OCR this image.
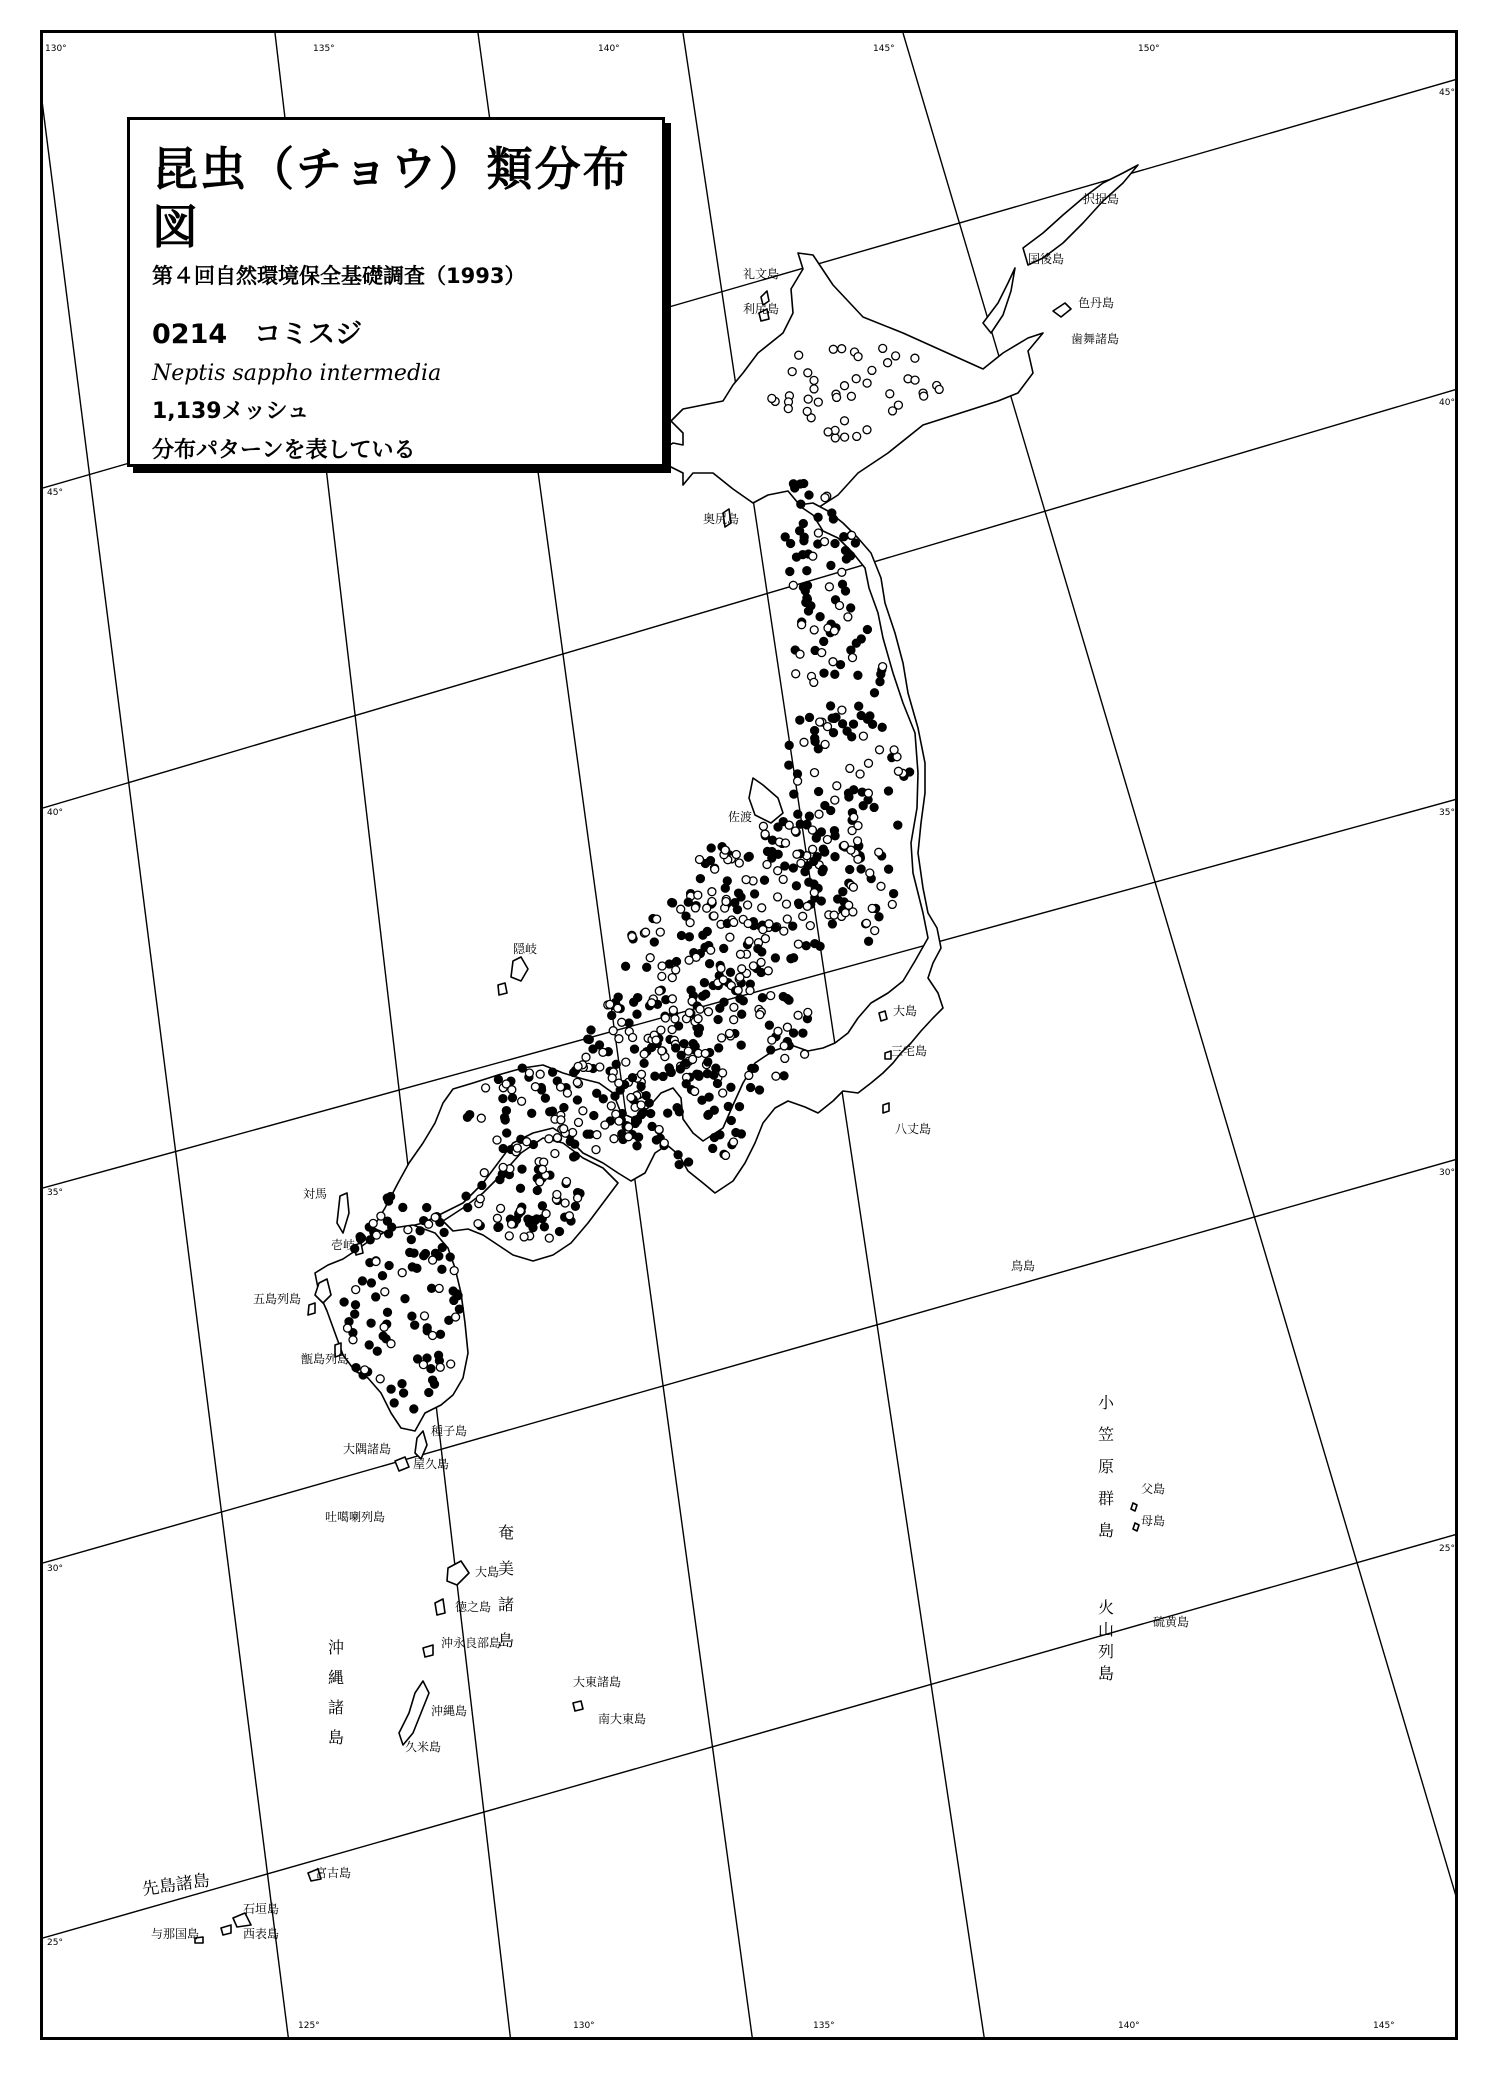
130°	135°	140°	145°	150°
125°	130°	135°	140°	145°
45°
40°
35°
30°
25°
45°
40°
35°
30°
25°
択捉島
国後島
色丹島
歯舞諸島
礼文島
利尻島
奥尻島
佐渡
隠岐
大島
三宅島
八丈島
鳥島
対馬
壱岐
五島列島
甑島列島
種子島
大隅諸島
屋久島
吐噶喇列島
大島
徳之島
沖永良部島
沖縄島
久米島
大東諸島
南大東島
父島
母島
硫黄島
宮古島
石垣島
西表島
与那国島
奄美諸島
沖縄諸島
小笠原群島
火山列島
先島諸島
昆虫（チョウ）類分布図
第４回自然環境保全基礎調査（1993）
0214　コミスジ
Neptis sappho intermedia
1,139メッシュ
分布パターンを表している
